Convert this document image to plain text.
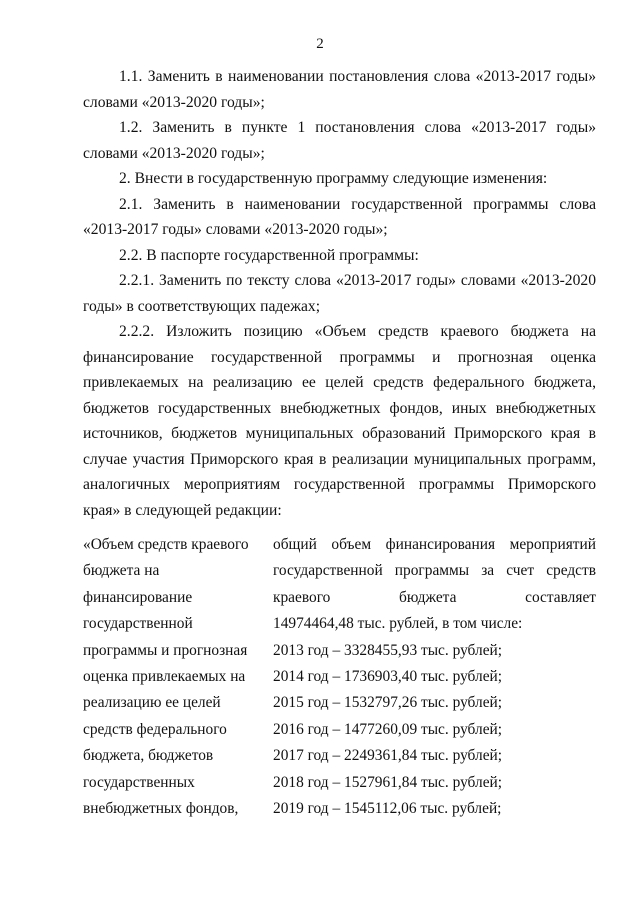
2

1.1. Заменить в наименовании постановления слова «2013-2017 годы» словами «2013-2020 годы»;

1.2. Заменить в пункте 1 постановления слова «2013-2017 годы» словами «2013-2020 годы»;

2. Внести в государственную программу следующие изменения:

2.1. Заменить в наименовании государственной программы слова «2013-2017 годы» словами «2013-2020 годы»;

2.2. В паспорте государственной программы:

2.2.1. Заменить по тексту слова «2013-2017 годы» словами «2013-2020 годы» в соответствующих падежах;

2.2.2. Изложить позицию «Объем средств краевого бюджета на финансирование государственной программы и прогнозная оценка привлекаемых на реализацию ее целей средств федерального бюджета, бюджетов государственных внебюджетных фондов, иных внебюджетных источников, бюджетов муниципальных образований Приморского края в случае участия Приморского края в реализации муниципальных программ, аналогичных мероприятиям государственной программы Приморского края» в следующей редакции:

«Объем средств краевого	общий объем финансирования мероприятий
бюджета на	государственной программы за счет средств
финансирование	краевого бюджета составляет
государственной	14974464,48 тыс. рублей, в том числе:
программы и прогнозная	2013 год – 3328455,93 тыс. рублей;
оценка привлекаемых на	2014 год – 1736903,40 тыс. рублей;
реализацию ее целей	2015 год – 1532797,26 тыс. рублей;
средств федерального	2016 год – 1477260,09 тыс. рублей;
бюджета, бюджетов	2017 год – 2249361,84 тыс. рублей;
государственных	2018 год – 1527961,84 тыс. рублей;
внебюджетных фондов,	2019 год – 1545112,06 тыс. рублей;
